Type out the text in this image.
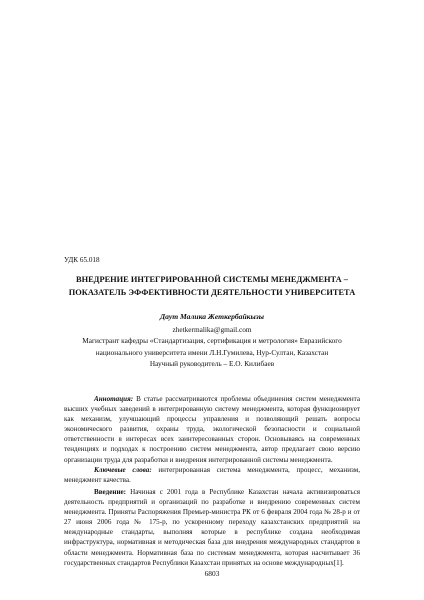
УДК 65.018
ВНЕДРЕНИЕ ИНТЕГРИРОВАННОЙ СИСТЕМЫ МЕНЕДЖМЕНТА –
ПОКАЗАТЕЛЬ ЭФФЕКТИВНОСТИ ДЕЯТЕЛЬНОСТИ УНИВЕРСИТЕТА
Даут Малика Жеткербайкызы
zhetkermalika@gmail.com
Магистрант кафедры «Стандартизация, сертификация и метрология» Евразийского
национального университета имени Л.Н.Гумилева, Нур-Султан, Казахстан
Научный руководитель – Е.О. Килибаев

Аннотация: В статье рассматриваются проблемы объединения систем менеджмента высших учебных заведений в интегрированную систему менеджмента, которая функционирует как механизм, улучшающий процессы управления и позволяющий решать вопросы экономического развития, охраны труда, экологической безопасности и социальной ответственности в интересах всех заинтересованных сторон. Основываясь на современных тенденциях и подходах к построению систем менеджмента, автор предлагает свою версию организации труда для разработки и внедрения интегрированной системы менеджмента.

Ключевые слова: интегрированная система менеджмента, процесс, механизм, менеджмент качества.

Введение: Начиная с 2001 года в Республике Казахстан начала активизироваться деятельность предприятий и организаций по разработке и внедрению современных систем менеджмента. Приняты Распоряжения Премьер-министра РК от 6 февраля 2004 года № 28-р и от 27 июня 2006 года № 175-р, по ускоренному переходу казахстанских предприятий на международные стандарты, выполняя которые в республике создана необходимая инфраструктура, нормативная и методическая база для внедрения международных стандартов в области менеджмента. Нормативная база по системам менеджмента, которая насчитывает 36 государственных стандартов Республики Казахстан принятых на основе международных[1].

6803
